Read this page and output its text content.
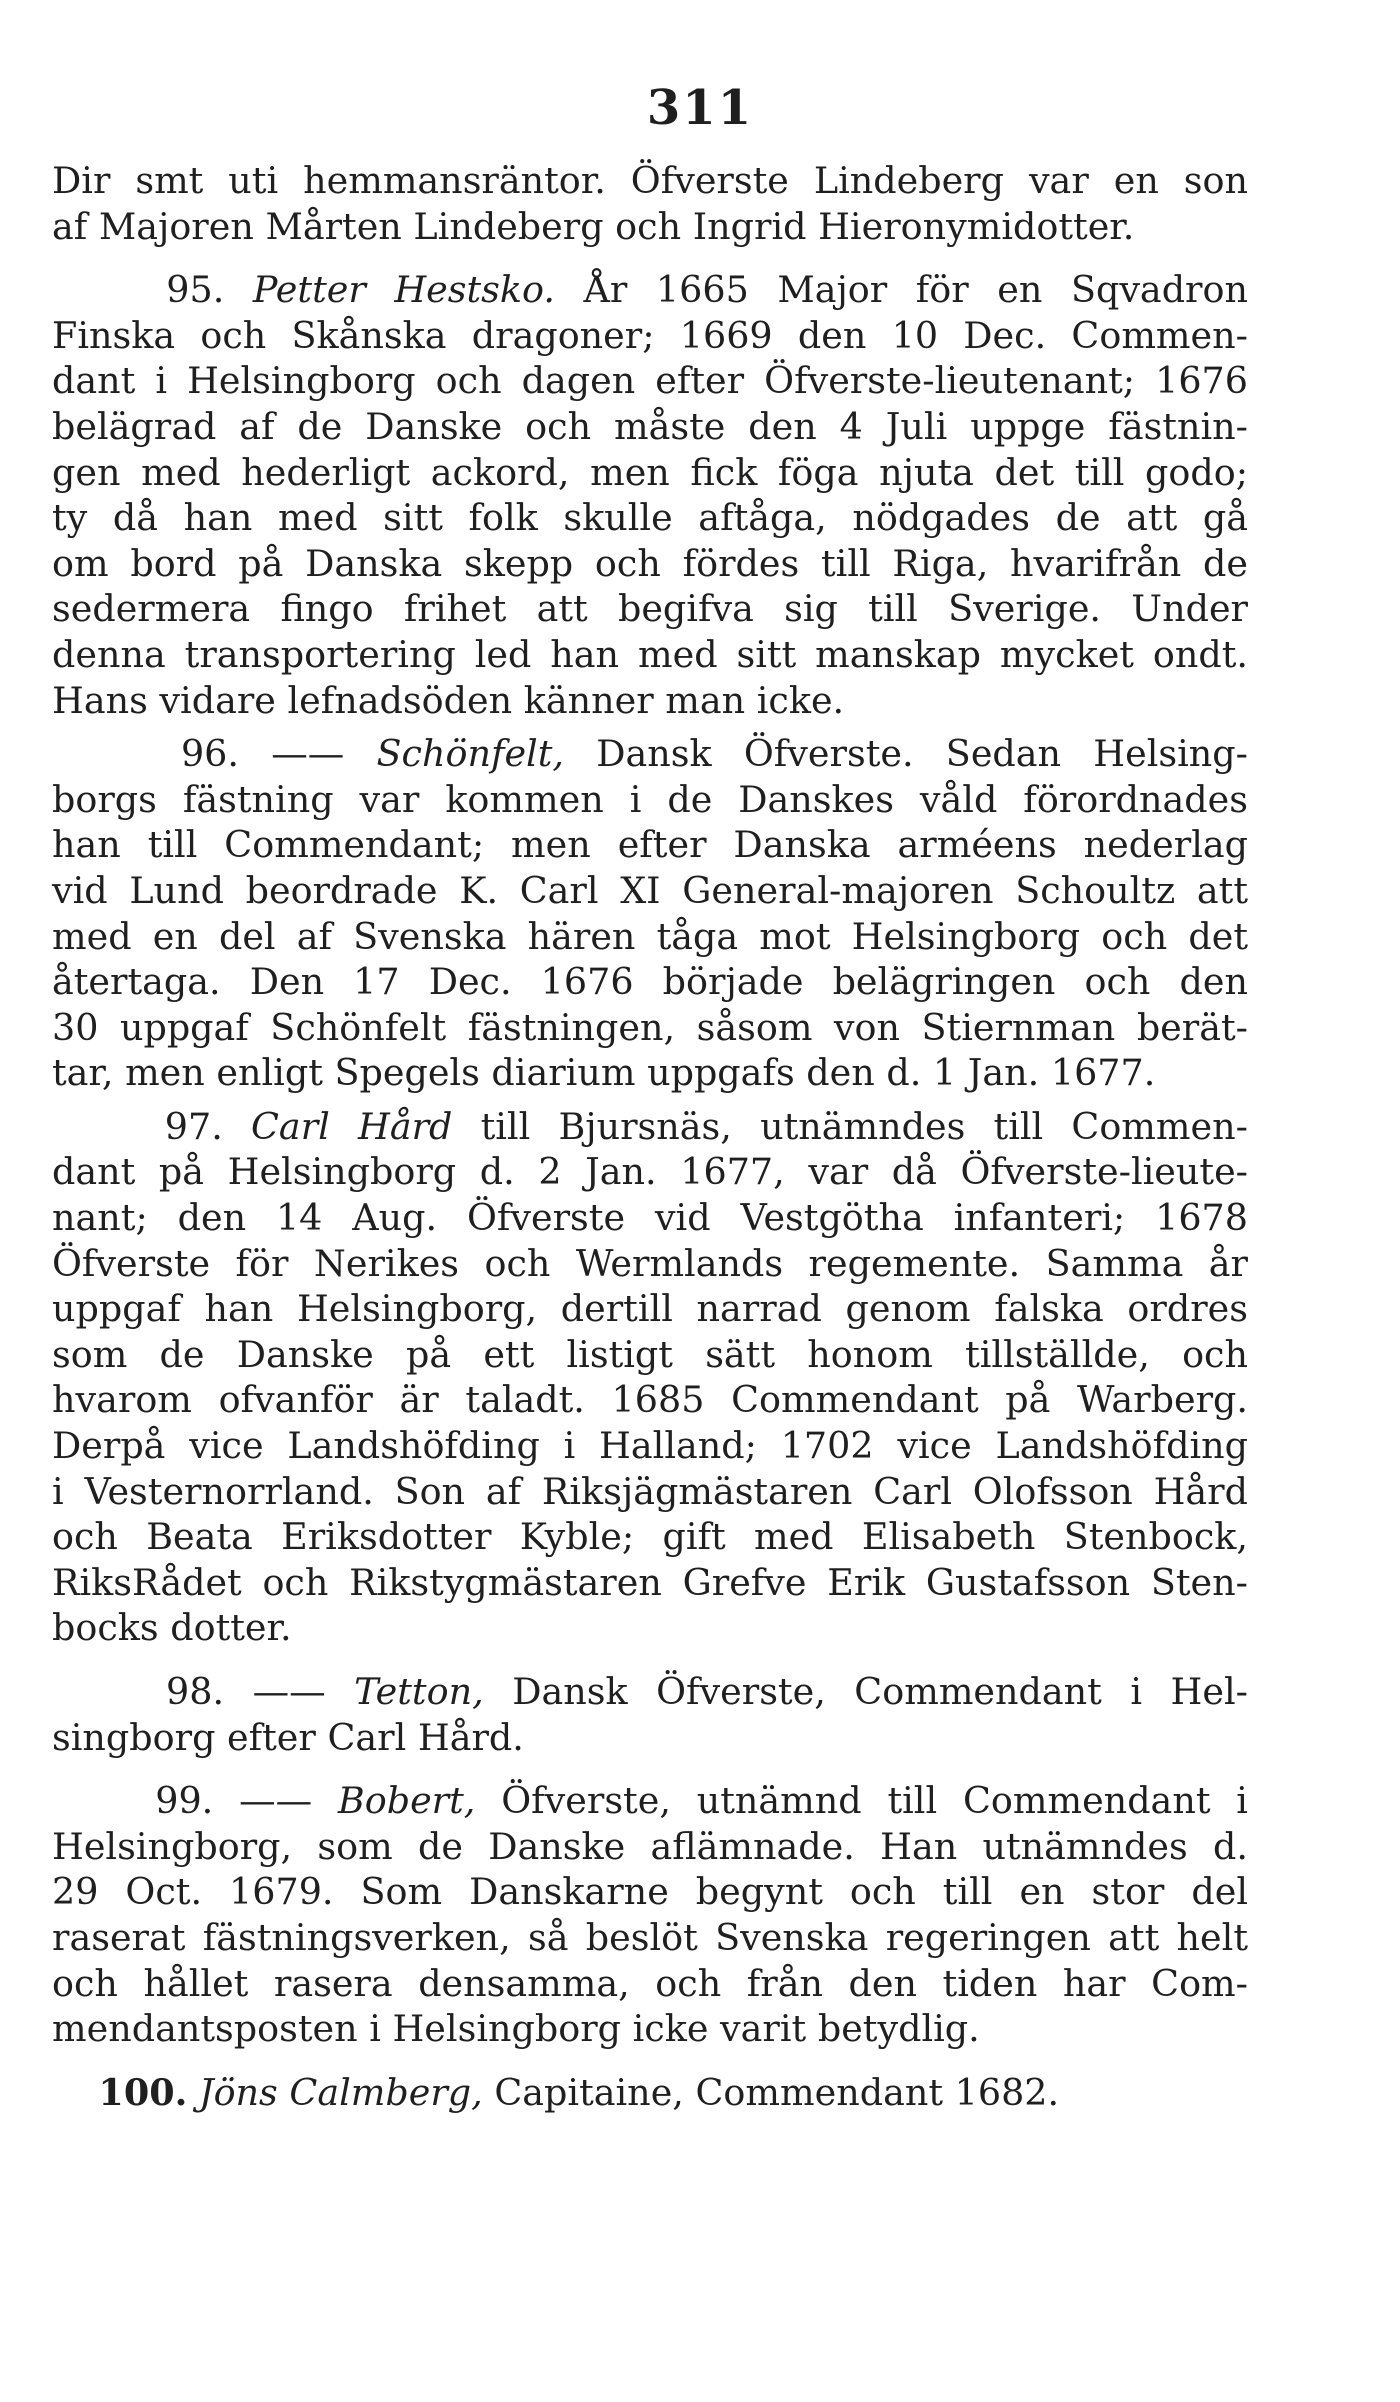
311
Dir smt uti hemmansräntor. Öfverste Lindeberg var en son
af Majoren Mårten Lindeberg och Ingrid Hieronymidotter.
95. Petter Hestsko. År 1665 Major för en Sqvadron
Finska och Skånska dragoner; 1669 den 10 Dec. Commen-
dant i Helsingborg och dagen efter Öfverste-lieutenant; 1676
belägrad af de Danske och måste den 4 Juli uppge fästnin-
gen med hederligt ackord, men fick föga njuta det till godo;
ty då han med sitt folk skulle aftåga, nödgades de att gå
om bord på Danska skepp och fördes till Riga, hvarifrån de
sedermera fingo frihet att begifva sig till Sverige. Under
denna transportering led han med sitt manskap mycket ondt.
Hans vidare lefnadsöden känner man icke.
96. —— Schönfelt, Dansk Öfverste. Sedan Helsing-
borgs fästning var kommen i de Danskes våld förordnades
han till Commendant; men efter Danska arméens nederlag
vid Lund beordrade K. Carl XI General-majoren Schoultz att
med en del af Svenska hären tåga mot Helsingborg och det
återtaga. Den 17 Dec. 1676 började belägringen och den
30 uppgaf Schönfelt fästningen, såsom von Stiernman berät-
tar, men enligt Spegels diarium uppgafs den d. 1 Jan. 1677.
97. Carl Hård till Bjursnäs, utnämndes till Commen-
dant på Helsingborg d. 2 Jan. 1677, var då Öfverste-lieute-
nant; den 14 Aug. Öfverste vid Vestgötha infanteri; 1678
Öfverste för Nerikes och Wermlands regemente. Samma år
uppgaf han Helsingborg, dertill narrad genom falska ordres
som de Danske på ett listigt sätt honom tillställde, och
hvarom ofvanför är taladt. 1685 Commendant på Warberg.
Derpå vice Landshöfding i Halland; 1702 vice Landshöfding
i Vesternorrland. Son af Riksjägmästaren Carl Olofsson Hård
och Beata Eriksdotter Kyble; gift med Elisabeth Stenbock,
RiksRådet och Rikstygmästaren Grefve Erik Gustafsson Sten-
bocks dotter.
98. —— Tetton, Dansk Öfverste, Commendant i Hel-
singborg efter Carl Hård.
99. —— Bobert, Öfverste, utnämnd till Commendant i
Helsingborg, som de Danske aflämnade. Han utnämndes d.
29 Oct. 1679. Som Danskarne begynt och till en stor del
raserat fästningsverken, så beslöt Svenska regeringen att helt
och hållet rasera densamma, och från den tiden har Com-
mendantsposten i Helsingborg icke varit betydlig.
100. Jöns Calmberg, Capitaine, Commendant 1682.
